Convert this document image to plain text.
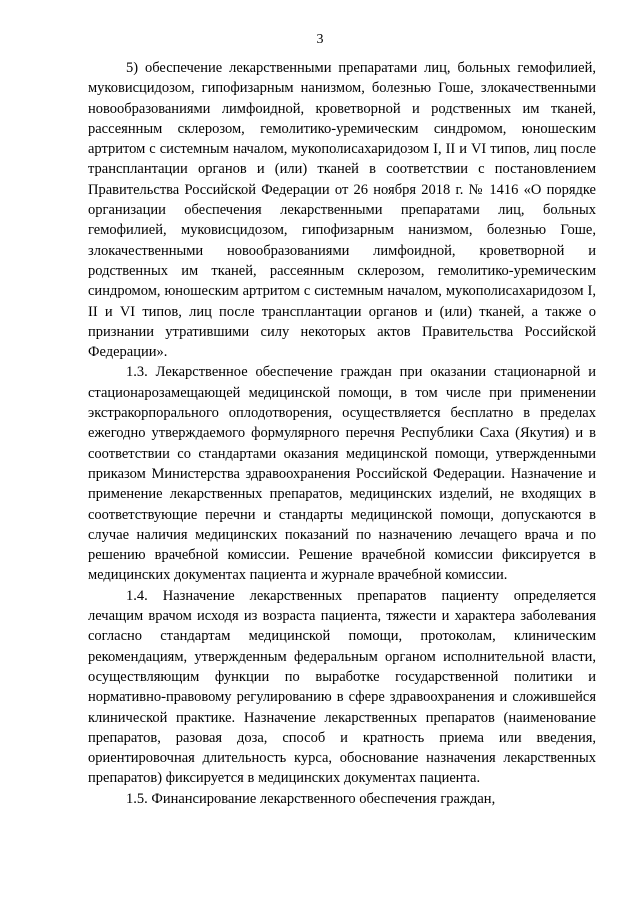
3

5) обеспечение лекарственными препаратами лиц, больных гемофилией, муковисцидозом, гипофизарным нанизмом, болезнью Гоше, злокачественными новообразованиями лимфоидной, кроветворной и родственных им тканей, рассеянным склерозом, гемолитико-уремическим синдромом, юношеским артритом с системным началом, мукополисахаридозом I, II и VI типов, лиц после трансплантации органов и (или) тканей в соответствии с постановлением Правительства Российской Федерации от 26 ноября 2018 г. № 1416 «О порядке организации обеспечения лекарственными препаратами лиц, больных гемофилией, муковисцидозом, гипофизарным нанизмом, болезнью Гоше, злокачественными новообразованиями лимфоидной, кроветворной и родственных им тканей, рассеянным склерозом, гемолитико-уремическим синдромом, юношеским артритом с системным началом, мукополисахаридозом I, II и VI типов, лиц после трансплантации органов и (или) тканей, а также о признании утратившими силу некоторых актов Правительства Российской Федерации».

1.3. Лекарственное обеспечение граждан при оказании стационарной и стационарозамещающей медицинской помощи, в том числе при применении экстракорпорального оплодотворения, осуществляется бесплатно в пределах ежегодно утверждаемого формулярного перечня Республики Саха (Якутия) и в соответствии со стандартами оказания медицинской помощи, утвержденными приказом Министерства здравоохранения Российской Федерации. Назначение и применение лекарственных препаратов, медицинских изделий, не входящих в соответствующие перечни и стандарты медицинской помощи, допускаются в случае наличия медицинских показаний по назначению лечащего врача и по решению врачебной комиссии. Решение врачебной комиссии фиксируется в медицинских документах пациента и журнале врачебной комиссии.

1.4. Назначение лекарственных препаратов пациенту определяется лечащим врачом исходя из возраста пациента, тяжести и характера заболевания согласно стандартам медицинской помощи, протоколам, клиническим рекомендациям, утвержденным федеральным органом исполнительной власти, осуществляющим функции по выработке государственной политики и нормативно-правовому регулированию в сфере здравоохранения и сложившейся клинической практике. Назначение лекарственных препаратов (наименование препаратов, разовая доза, способ и кратность приема или введения, ориентировочная длительность курса, обоснование назначения лекарственных препаратов) фиксируется в медицинских документах пациента.

1.5. Финансирование лекарственного обеспечения граждан,
